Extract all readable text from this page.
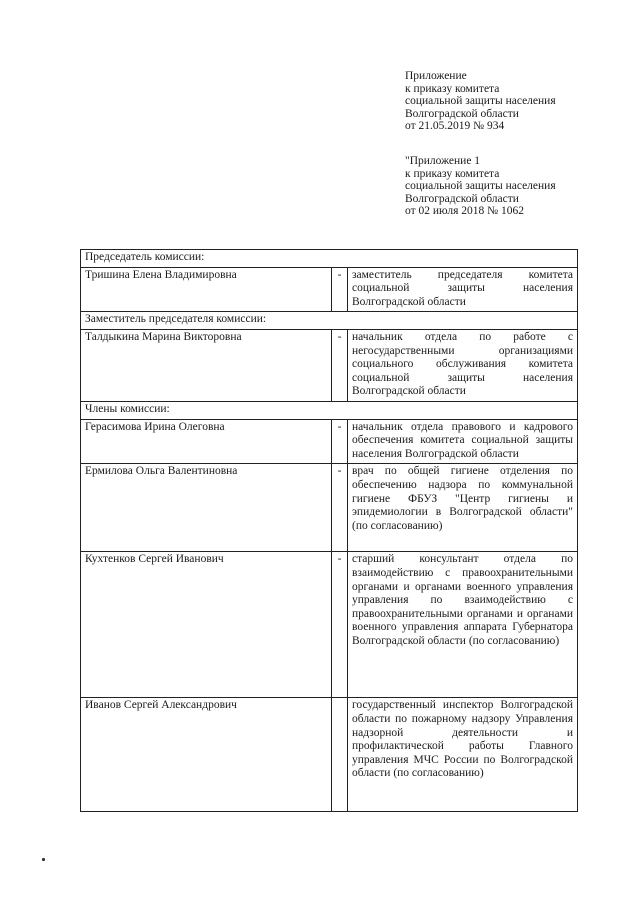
Приложение
к приказу комитета
социальной защиты населения
Волгоградской области
от 21.05.2019 № 934
"Приложение 1
к приказу комитета
социальной защиты населения
Волгоградской области
от 02 июля 2018 № 1062
Председатель комиссии:		
Тришина Елена Владимировна	-	заместитель председателя комитета социальной защиты населения Волгоградской области
Заместитель председателя комиссии:		
Талдыкина Марина Викторовна	-	начальник отдела по работе с негосударственными организациями социального обслуживания комитета социальной защиты населения Волгоградской области
Члены комиссии:		
Герасимова Ирина Олеговна	-	начальник отдела правового и кадрового обеспечения комитета социальной защиты населения Волгоградской области
Ермилова Ольга Валентиновна	-	врач по общей гигиене отделения по обеспечению надзора по коммунальной гигиене ФБУЗ "Центр гигиены и эпидемиологии в Волгоградской области" (по согласованию)
Кухтенков Сергей Иванович	-	старший консультант отдела по взаимодействию с правоохранительными органами и органами военного управления управления по взаимодействию с правоохранительными органами и органами военного управления аппарата Губернатора Волгоградской области (по согласованию)
Иванов Сергей Александрович		государственный инспектор Волгоградской области по пожарному надзору Управления надзорной деятельности и профилактической работы Главного управления МЧС России по Волгоградской области (по согласованию)
